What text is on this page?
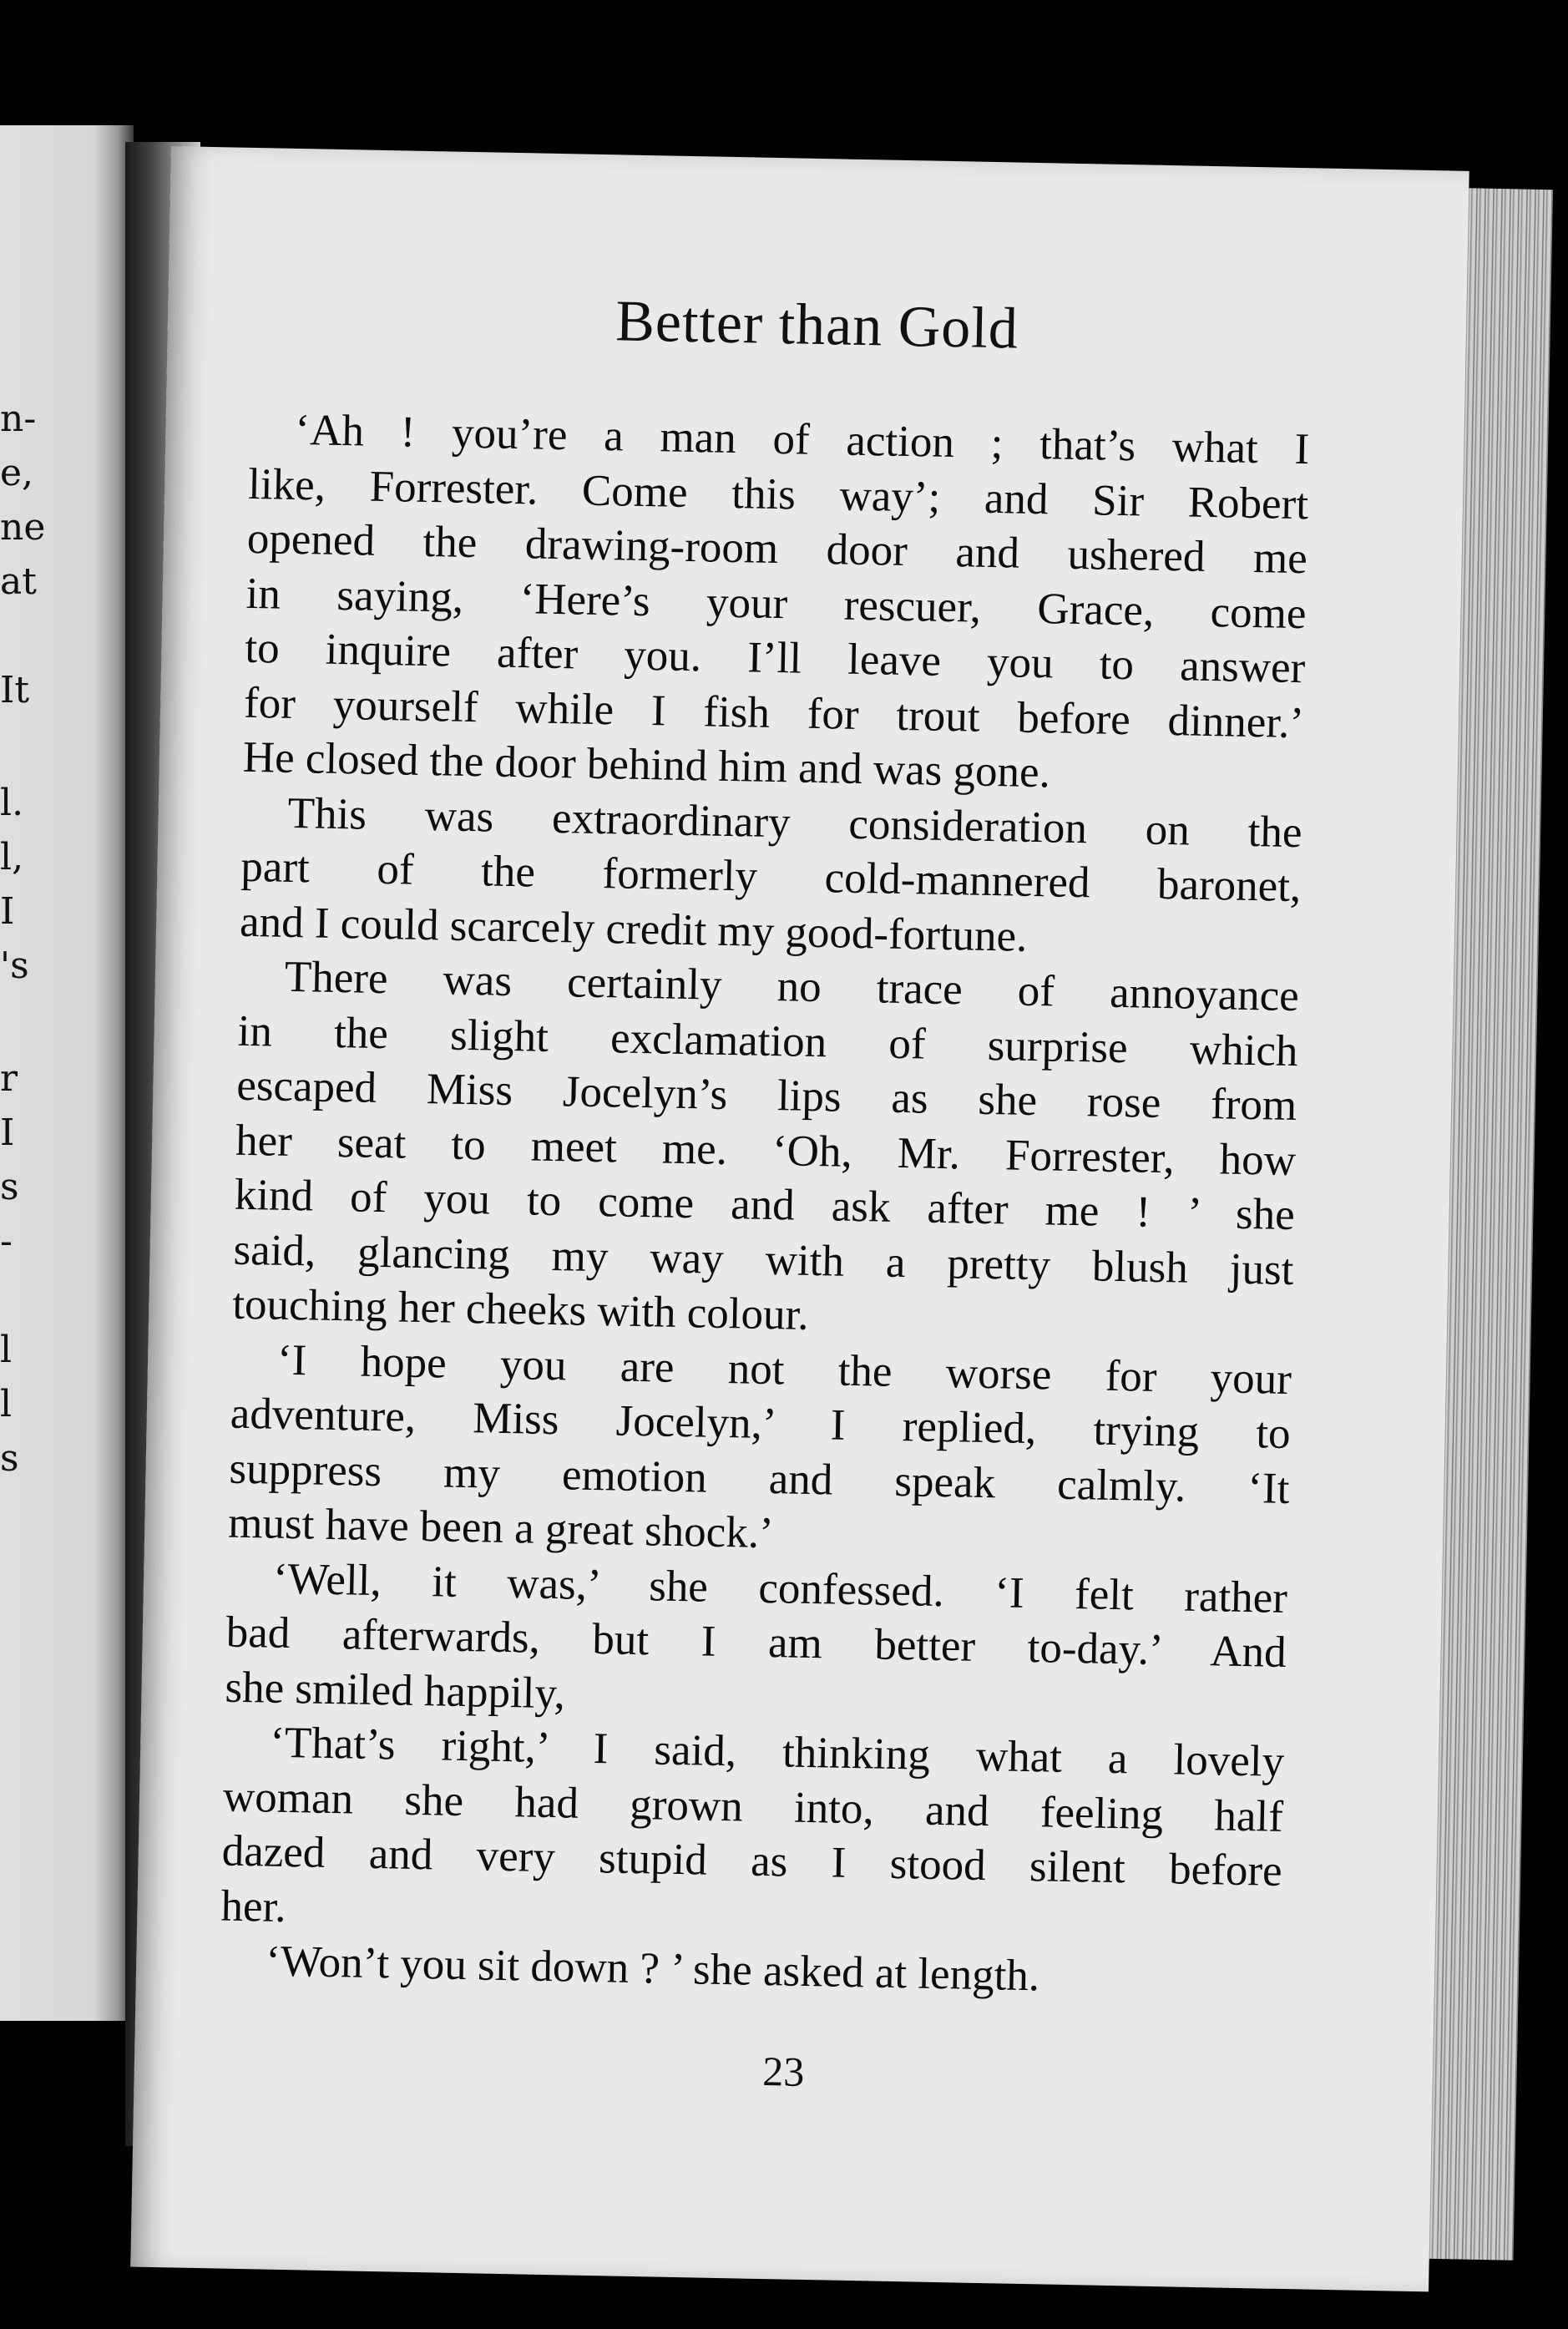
n-
e,
ne
at
It
l.
l,
I
's
r
I
s
-
l
l
s
Better than Gold
‘Ah ! you’re a man of action ; that’s what I
like, Forrester. Come this way’; and Sir Robert
opened the drawing-room door and ushered me
in saying, ‘Here’s your rescuer, Grace, come
to inquire after you. I’ll leave you to answer
for yourself while I fish for trout before dinner.’
He closed the door behind him and was gone.
This was extraordinary consideration on the
part of the formerly cold-mannered baronet,
and I could scarcely credit my good-fortune.
There was certainly no trace of annoyance
in the slight exclamation of surprise which
escaped Miss Jocelyn’s lips as she rose from
her seat to meet me. ‘Oh, Mr. Forrester, how
kind of you to come and ask after me ! ’ she
said, glancing my way with a pretty blush just
touching her cheeks with colour.
‘I hope you are not the worse for your
adventure, Miss Jocelyn,’ I replied, trying to
suppress my emotion and speak calmly. ‘It
must have been a great shock.’
‘Well, it was,’ she confessed. ‘I felt rather
bad afterwards, but I am better to-day.’ And
she smiled happily,
‘That’s right,’ I said, thinking what a lovely
woman she had grown into, and feeling half
dazed and very stupid as I stood silent before
her.
‘Won’t you sit down ? ’ she asked at length.
23
